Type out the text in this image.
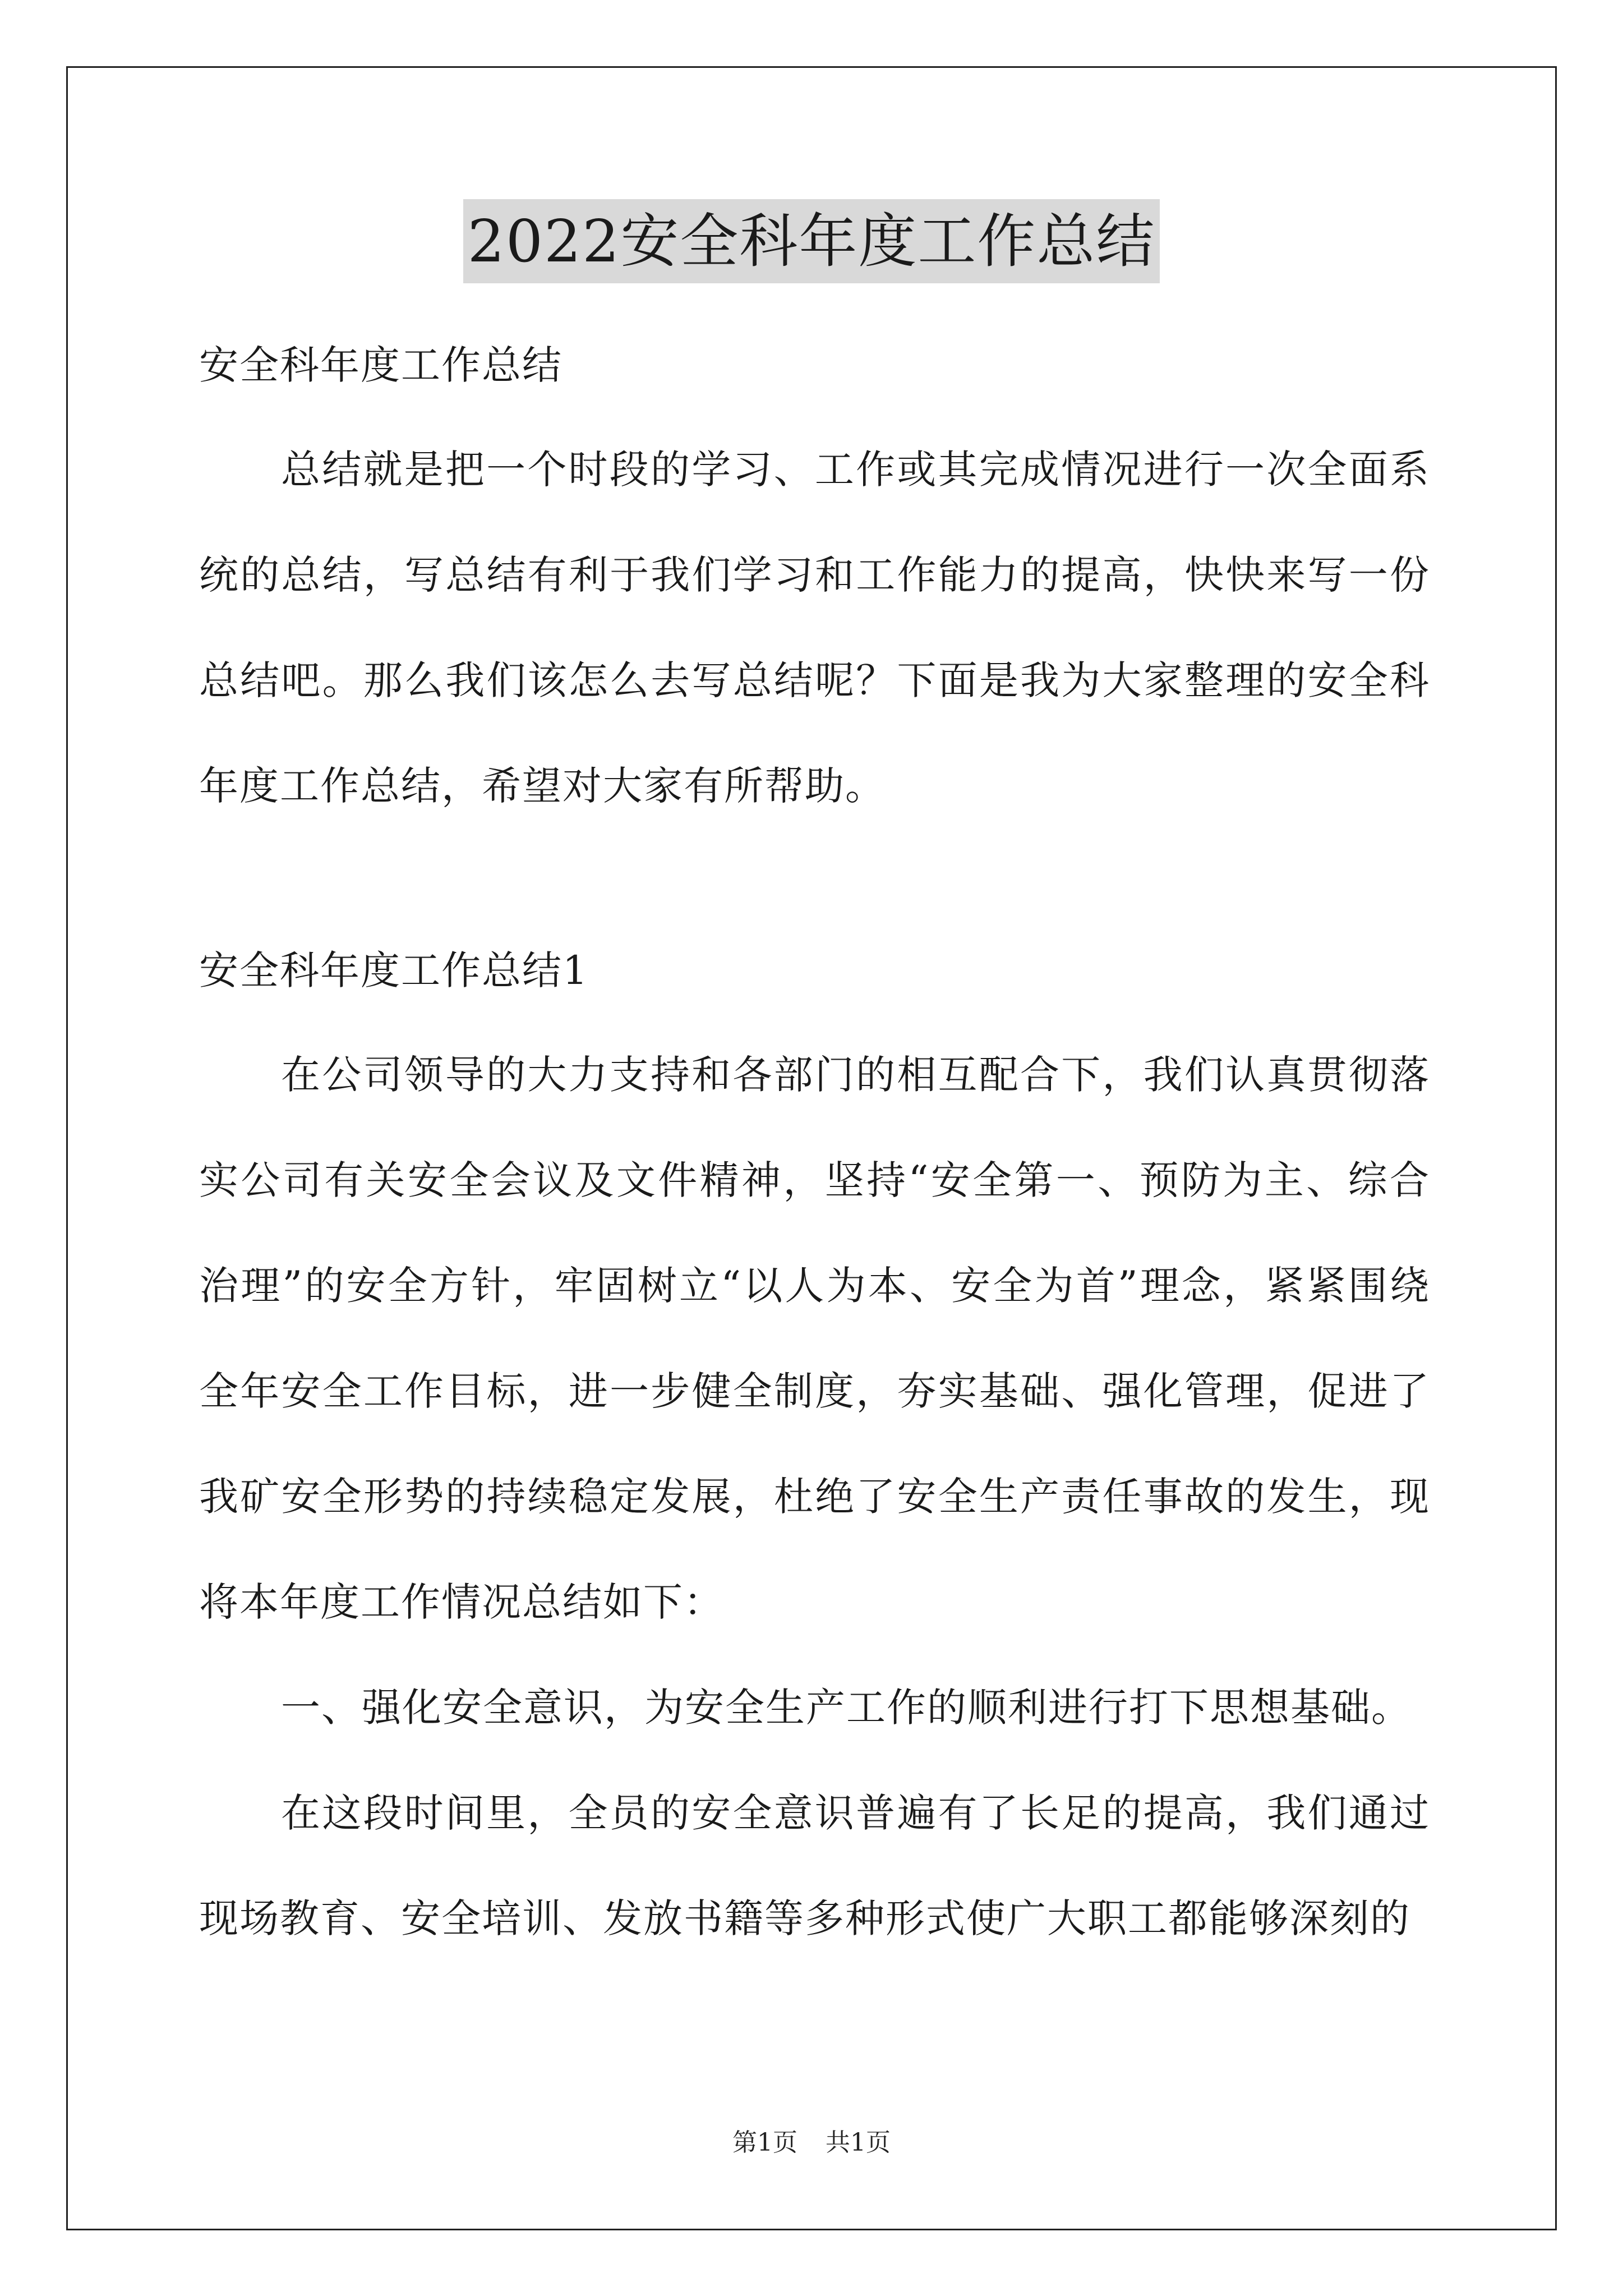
2022安全科年度工作总结

安全科年度工作总结

总结就是把一个时段的学习、工作或其完成情况进行一次全面系统的总结，写总结有利于我们学习和工作能力的提高，快快来写一份总结吧。那么我们该怎么去写总结呢？下面是我为大家整理的安全科年度工作总结，希望对大家有所帮助。

安全科年度工作总结1

在公司领导的大力支持和各部门的相互配合下，我们认真贯彻落实公司有关安全会议及文件精神，坚持“安全第一、预防为主、综合治理”的安全方针，牢固树立“以人为本、安全为首”理念，紧紧围绕全年安全工作目标，进一步健全制度，夯实基础、强化管理，促进了我矿安全形势的持续稳定发展，杜绝了安全生产责任事故的发生，现将本年度工作情况总结如下：

一、强化安全意识，为安全生产工作的顺利进行打下思想基础。

在这段时间里，全员的安全意识普遍有了长足的提高，我们通过现场教育、安全培训、发放书籍等多种形式使广大职工都能够深刻的

第1页 共1页
